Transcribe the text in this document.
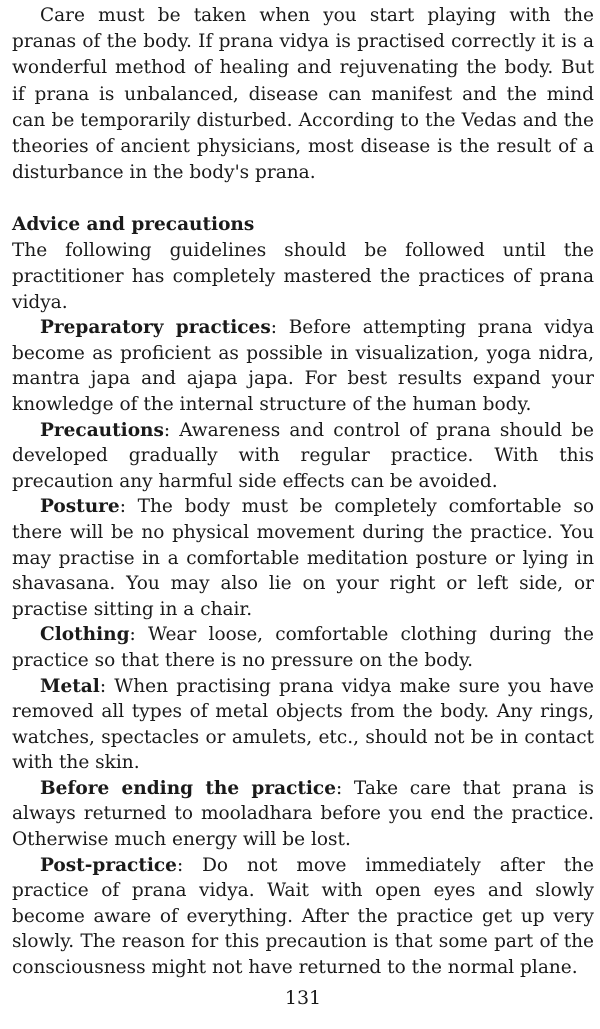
Care must be taken when you start playing with the pranas of the body. If prana vidya is practised correctly it is a wonderful method of healing and rejuvenating the body. But if prana is unbalanced, disease can manifest and the mind can be temporarily disturbed. According to the Vedas and the theories of ancient physicians, most disease is the result of a disturbance in the body's prana.

Advice and precautions

The following guidelines should be followed until the practitioner has completely mastered the practices of prana vidya.

Preparatory practices: Before attempting prana vidya become as proficient as possible in visualization, yoga nidra, mantra japa and ajapa japa. For best results expand your knowledge of the internal structure of the human body.

Precautions: Awareness and control of prana should be developed gradually with regular practice. With this precaution any harmful side effects can be avoided.

Posture: The body must be completely comfortable so there will be no physical movement during the practice. You may practise in a comfortable meditation posture or lying in shavasana. You may also lie on your right or left side, or practise sitting in a chair.

Clothing: Wear loose, comfortable clothing during the practice so that there is no pressure on the body.

Metal: When practising prana vidya make sure you have removed all types of metal objects from the body. Any rings, watches, spectacles or amulets, etc., should not be in contact with the skin.

Before ending the practice: Take care that prana is always returned to mooladhara before you end the practice. Otherwise much energy will be lost.

Post-practice: Do not move immediately after the practice of prana vidya. Wait with open eyes and slowly become aware of everything. After the practice get up very slowly. The reason for this precaution is that some part of the consciousness might not have returned to the normal plane.

131
